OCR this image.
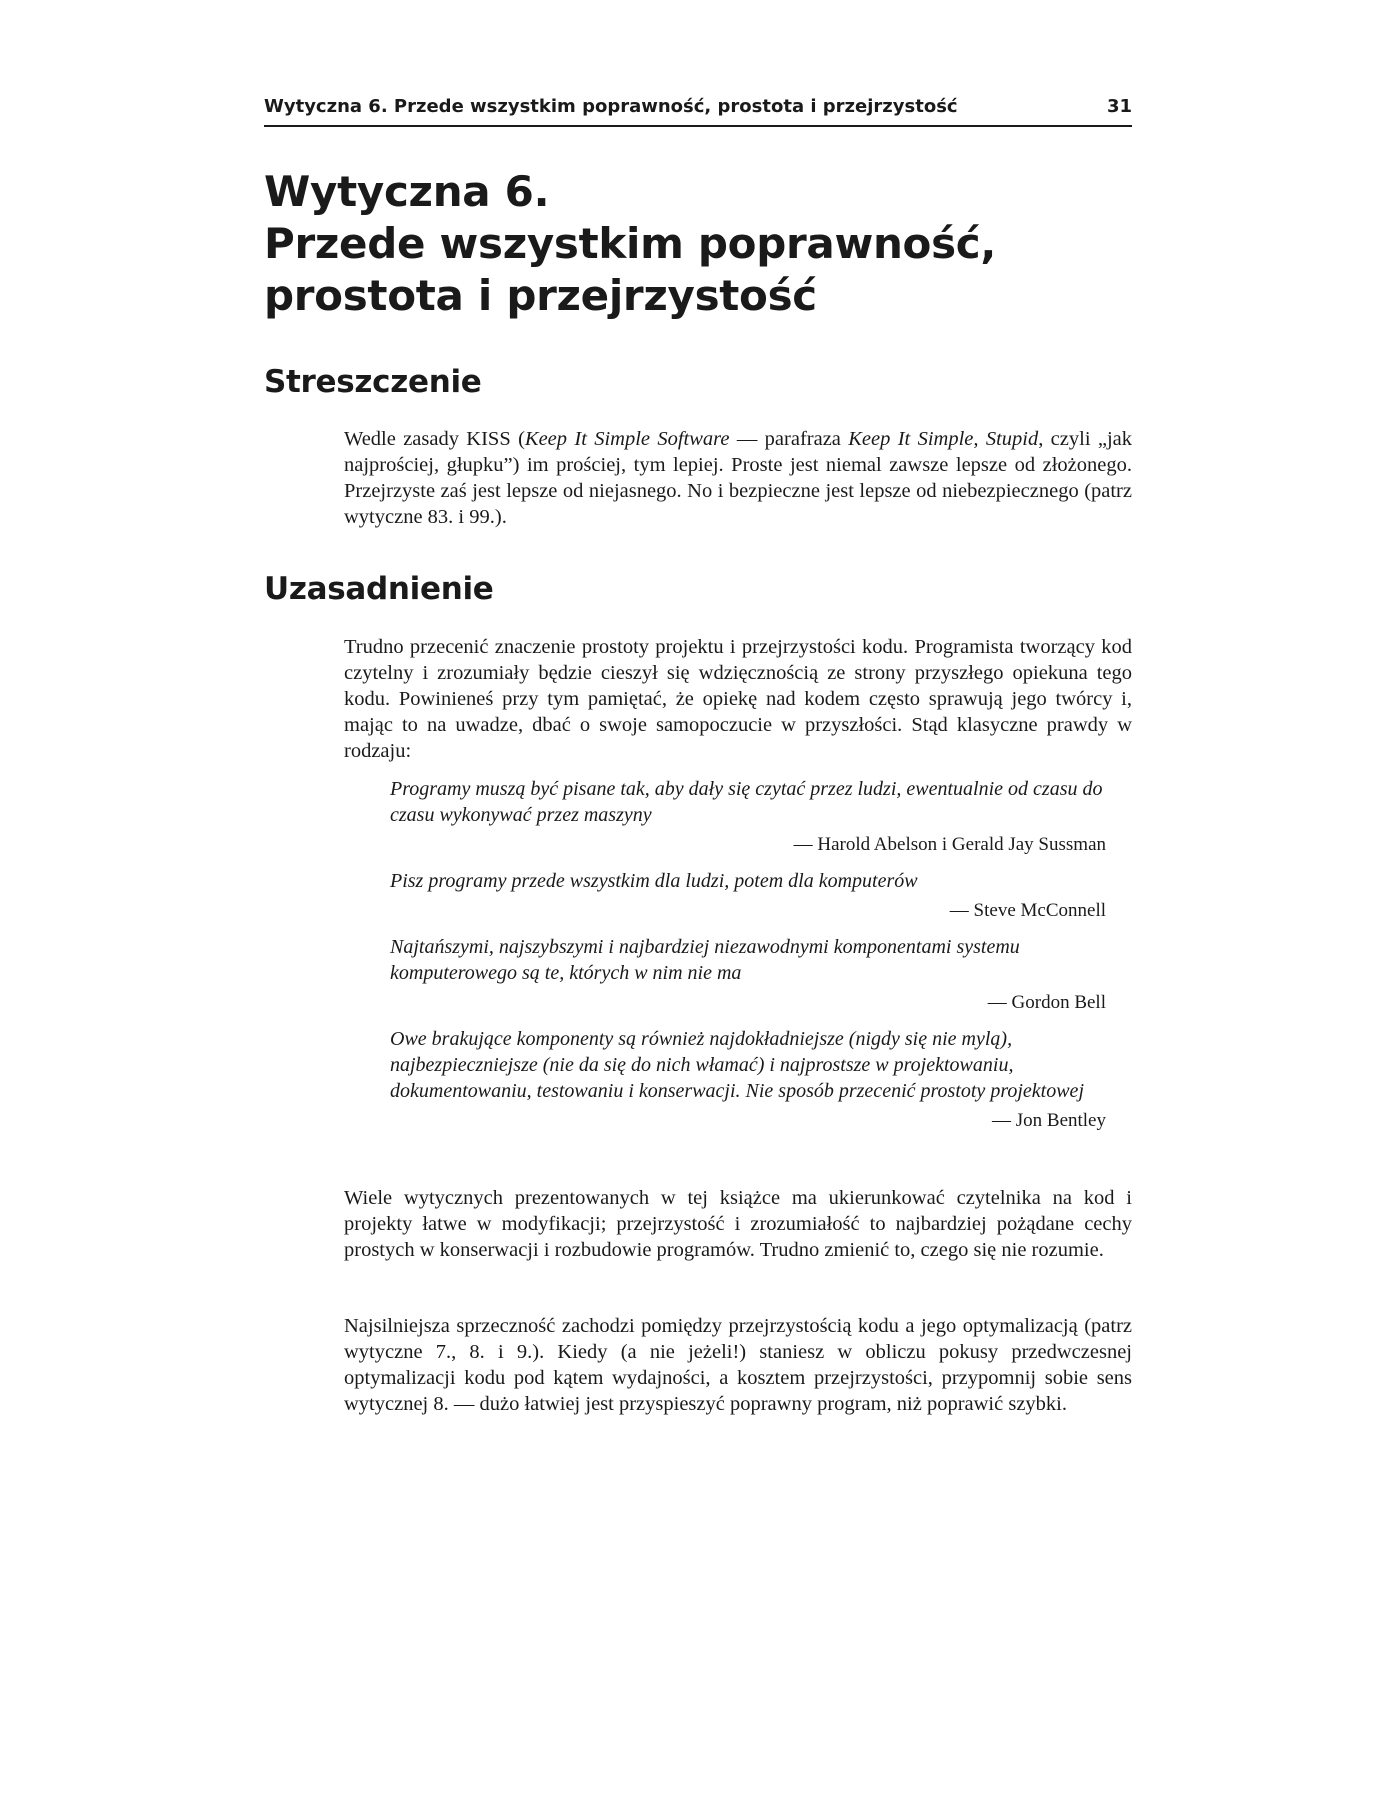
Wytyczna 6. Przede wszystkim poprawność, prostota i przejrzystość	31
Wytyczna 6.
Przede wszystkim poprawność,
prostota i przejrzystość
Streszczenie

Wedle zasady KISS (Keep It Simple Software — parafraza Keep It Simple, Stupid, czyli „jak najprościej, głupku”) im prościej, tym lepiej. Proste jest niemal zawsze lepsze od złożonego. Przejrzyste zaś jest lepsze od niejasnego. No i bezpieczne jest lepsze od niebezpiecznego (patrz wytyczne 83. i 99.).

Uzasadnienie

Trudno przecenić znaczenie prostoty projektu i przejrzystości kodu. Programista tworzący kod czytelny i zrozumiały będzie cieszył się wdzięcznością ze strony przyszłego opiekuna tego kodu. Powinieneś przy tym pamiętać, że opiekę nad kodem często sprawują jego twórcy i, mając to na uwadze, dbać o swoje samopoczucie w przyszłości. Stąd klasyczne prawdy w rodzaju:

Programy muszą być pisane tak, aby dały się czytać przez ludzi, ewentualnie od czasu do czasu wykonywać przez maszyny

— Harold Abelson i Gerald Jay Sussman

Pisz programy przede wszystkim dla ludzi, potem dla komputerów

— Steve McConnell

Najtańszymi, najszybszymi i najbardziej niezawodnymi komponentami systemu komputerowego są te, których w nim nie ma

— Gordon Bell

Owe brakujące komponenty są również najdokładniejsze (nigdy się nie mylą), najbezpieczniejsze (nie da się do nich włamać) i najprostsze w projektowaniu, dokumentowaniu, testowaniu i konserwacji. Nie sposób przecenić prostoty projektowej

— Jon Bentley

Wiele wytycznych prezentowanych w tej książce ma ukierunkować czytelnika na kod i projekty łatwe w modyfikacji; przejrzystość i zrozumiałość to najbardziej pożądane cechy prostych w konserwacji i rozbudowie programów. Trudno zmienić to, czego się nie rozumie.

Najsilniejsza sprzeczność zachodzi pomiędzy przejrzystością kodu a jego optymalizacją (patrz wytyczne 7., 8. i 9.). Kiedy (a nie jeżeli!) staniesz w obliczu pokusy przedwczesnej optymalizacji kodu pod kątem wydajności, a kosztem przejrzystości, przypomnij sobie sens wytycznej 8. — dużo łatwiej jest przyspieszyć poprawny program, niż poprawić szybki.
